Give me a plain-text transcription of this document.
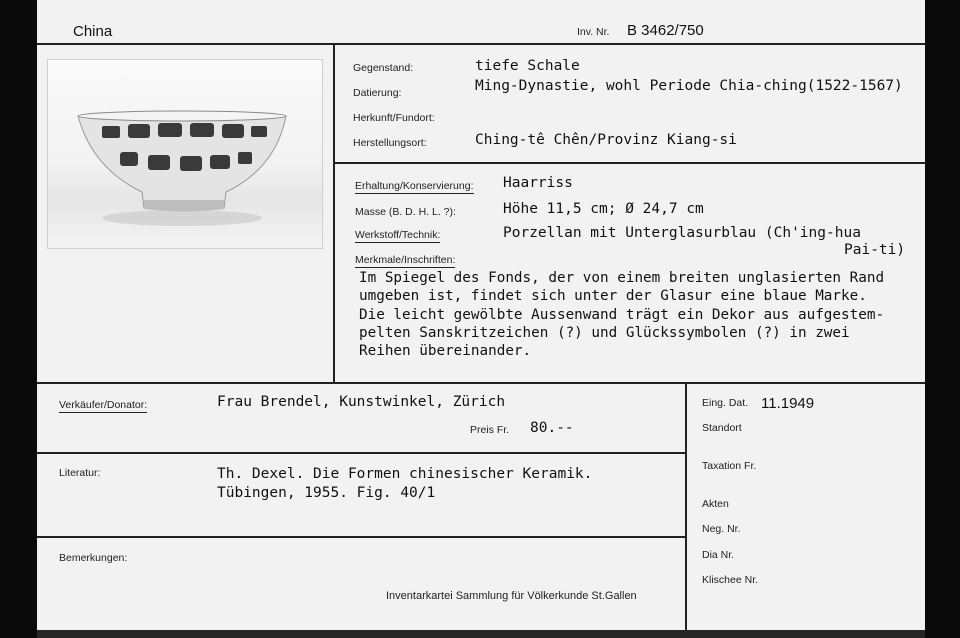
China	Inv. Nr. B 3462/750
Gegenstand:	tiefe Schale
Datierung:	Ming-Dynastie, wohl Periode Chia-ching(1522-1567)
Herkunft/Fundort:
Herstellungsort:	Ching-tê Chên/Provinz Kiang-si
Erhaltung/Konservierung: Haarriss
Masse (B. D. H. L. ?):	Höhe 11,5 cm; Ø 24,7 cm
Werkstoff/Technik:	Porzellan mit Unterglasurblau (Ch'ing-hua
Pai-ti)
Merkmale/Inschriften:
Im Spiegel des Fonds, der von einem breiten unglasierten Rand
umgeben ist, findet sich unter der Glasur eine blaue Marke.
Die leicht gewölbte Aussenwand trägt ein Dekor aus aufgestem-
pelten Sanskritzeichen (?) und Glückssymbolen (?) in zwei
Reihen übereinander.
Verkäufer/Donator:	Frau Brendel, Kunstwinkel, Zürich
Preis Fr. 80.--
Literatur:	Th. Dexel. Die Formen chinesischer Keramik.
Tübingen, 1955. Fig. 40/1
Bemerkungen:
Inventarkartei Sammlung für Völkerkunde St.Gallen
Eing. Dat. 11.1949
Standort
Taxation Fr.
Akten
Neg. Nr.
Dia Nr.
Klischee Nr.
